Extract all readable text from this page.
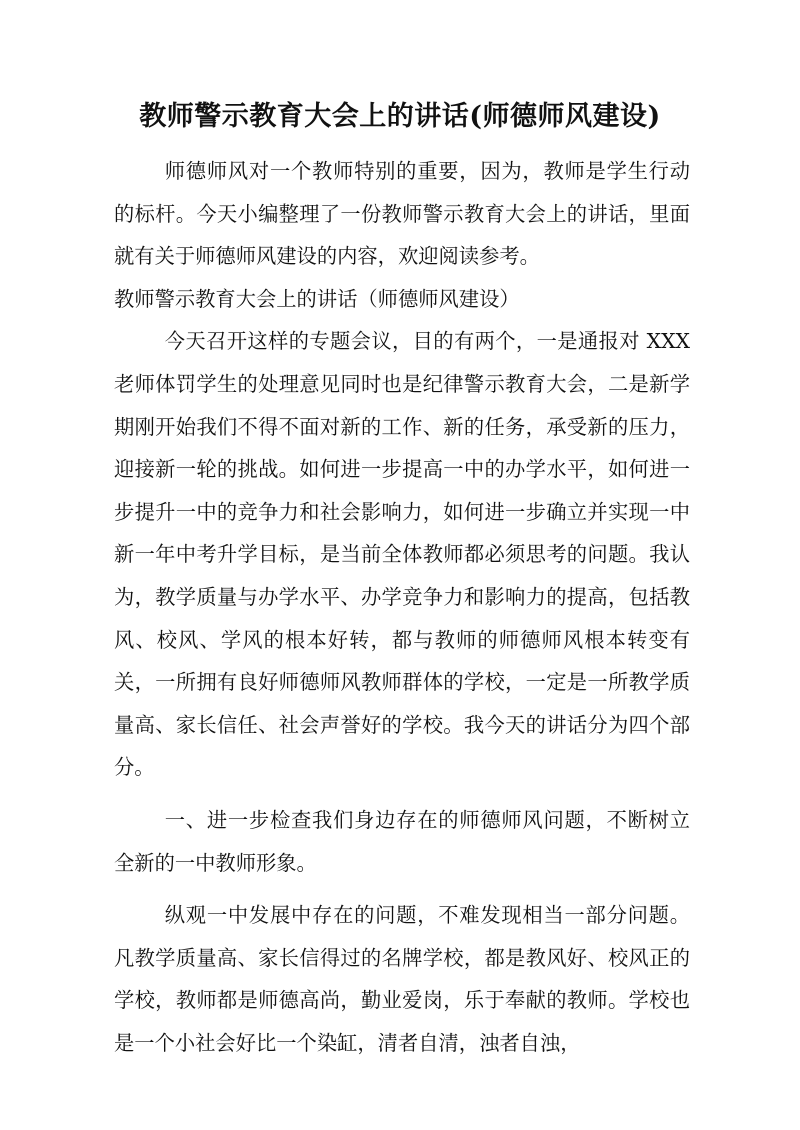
教师警示教育大会上的讲话(师德师风建设)

师德师风对一个教师特别的重要，因为，教师是学生行动的标杆。今天小编整理了一份教师警示教育大会上的讲话，里面就有关于师德师风建设的内容，欢迎阅读参考。

教师警示教育大会上的讲话（师德师风建设）

今天召开这样的专题会议，目的有两个，一是通报对 XXX 老师体罚学生的处理意见同时也是纪律警示教育大会，二是新学期刚开始我们不得不面对新的工作、新的任务，承受新的压力，迎接新一轮的挑战。如何进一步提高一中的办学水平，如何进一步提升一中的竞争力和社会影响力，如何进一步确立并实现一中新一年中考升学目标，是当前全体教师都必须思考的问题。我认为，教学质量与办学水平、办学竞争力和影响力的提高，包括教风、校风、学风的根本好转，都与教师的师德师风根本转变有关，一所拥有良好师德师风教师群体的学校，一定是一所教学质量高、家长信任、社会声誉好的学校。我今天的讲话分为四个部分。

一、进一步检查我们身边存在的师德师风问题，不断树立全新的一中教师形象。

纵观一中发展中存在的问题，不难发现相当一部分问题。凡教学质量高、家长信得过的名牌学校，都是教风好、校风正的学校，教师都是师德高尚，勤业爱岗，乐于奉献的教师。学校也是一个小社会好比一个染缸，清者自清，浊者自浊，
